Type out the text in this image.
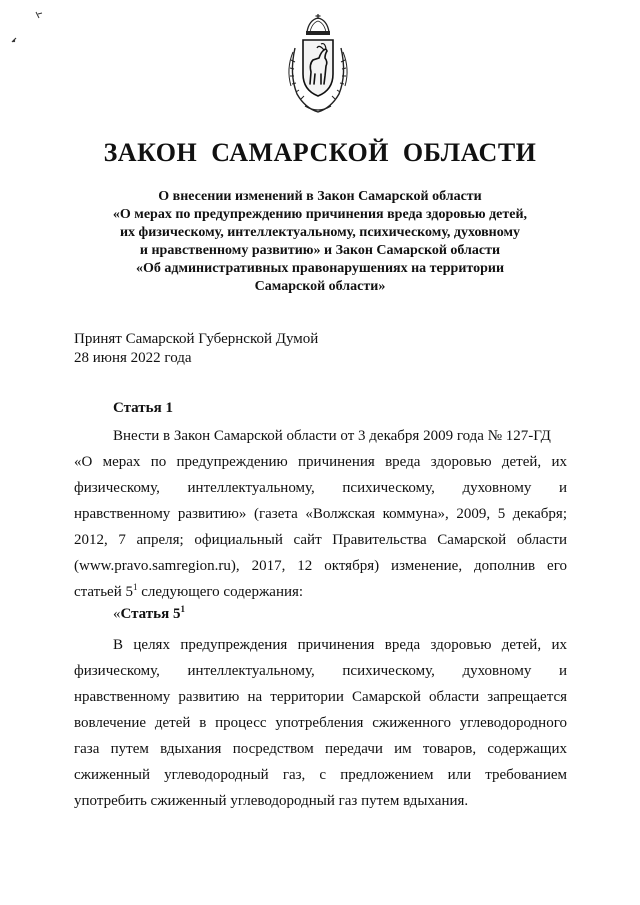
ЗАКОН САМАРСКОЙ ОБЛАСТИ
О внесении изменений в Закон Самарской области
«О мерах по предупреждению причинения вреда здоровью детей,
их физическому, интеллектуальному, психическому, духовному
и нравственному развитию» и Закон Самарской области
«Об административных правонарушениях на территории
Самарской области»
Принят Самарской Губернской Думой
28 июня 2022 года
Статья 1
Внести в Закон Самарской области от 3 декабря 2009 года № 127-ГД
«О мерах по предупреждению причинения вреда здоровью детей, их
физическому, интеллектуальному, психическому, духовному и
нравственному развитию» (газета «Волжская коммуна», 2009, 5 декабря;
2012, 7 апреля; официальный сайт Правительства Самарской области
(www.pravo.samregion.ru), 2017, 12 октября) изменение, дополнив его
статьей $5^1$ следующего содержания:
«Статья $5^1$
В целях предупреждения причинения вреда здоровью детей, их
физическому, интеллектуальному, психическому, духовному и
нравственному развитию на территории Самарской области запрещается
вовлечение детей в процесс употребления сжиженного углеводородного
газа путем вдыхания посредством передачи им товаров, содержащих
сжиженный углеводородный газ, с предложением или требованием
употребить сжиженный углеводородный газ путем вдыхания.
